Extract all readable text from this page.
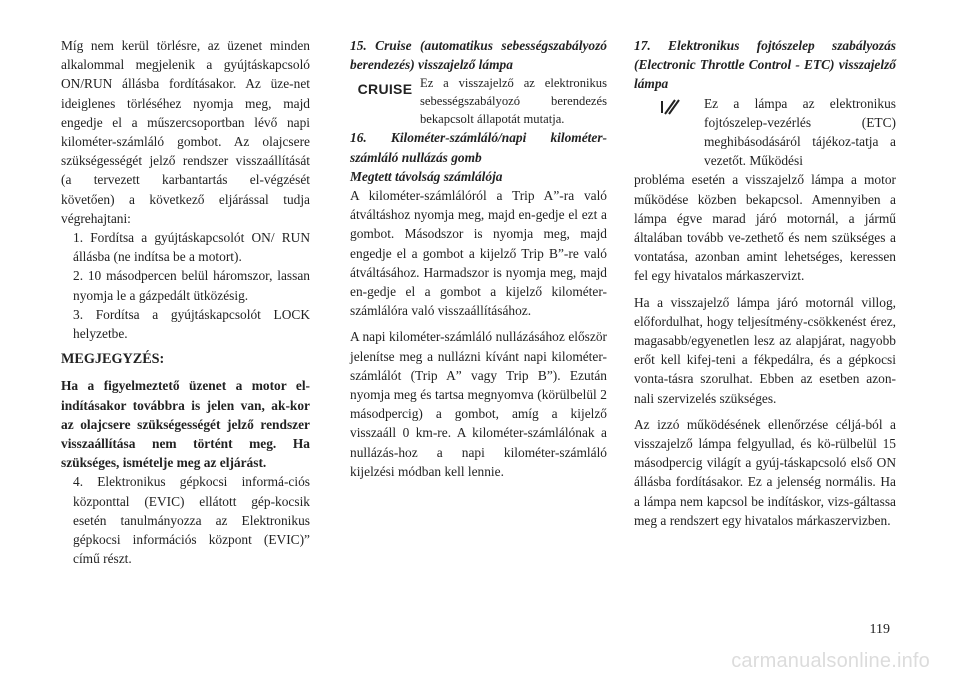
Míg nem kerül törlésre, az üzenet minden alkalommal megjelenik a gyújtáskapcsoló ON/RUN állásba fordításakor. Az üze-net ideiglenes törléséhez nyomja meg, majd engedje el a műszercsoportban lévő napi kilométer-számláló gombot. Az olajcsere szükségességét jelző rendszer visszaállítását (a tervezett karbantartás el-végzését követően) a következő eljárással tudja végrehajtani:

1. Fordítsa a gyújtáskapcsolót ON/ RUN állásba (ne indítsa be a motort).

2. 10 másodpercen belül háromszor, lassan nyomja le a gázpedált ütközésig.

3. Fordítsa a gyújtáskapcsolót LOCK helyzetbe.

MEGJEGYZÉS:

Ha a figyelmeztető üzenet a motor el-indításakor továbbra is jelen van, ak-kor az olajcsere szükségességét jelző rendszer visszaállítása nem történt meg. Ha szükséges, ismételje meg az eljárást.

4. Elektronikus gépkocsi informá-ciós központtal (EVIC) ellátott gép-kocsik esetén tanulmányozza az Elektronikus gépkocsi információs központ (EVIC)” című részt.

15. Cruise (automatikus sebességszabályozó berendezés) visszajelző lámpa

CRUISE Ez a visszajelző az elektronikus sebességszabályozó berendezés bekapcsolt állapotát mutatja.

16. Kilométer-számláló/napi kilométer-számláló nullázás gomb

Megtett távolság számlálója

A kilométer-számlálóról a Trip A”-ra való átváltáshoz nyomja meg, majd en-gedje el ezt a gombot. Másodszor is nyomja meg, majd engedje el a gombot a kijelző Trip B”-re való átváltásához. Harmadszor is nyomja meg, majd en-gedje el a gombot a kijelző kilométer-számlálóra való visszaállításához.

A napi kilométer-számláló nullázásához először jelenítse meg a nullázni kívánt napi kilométer-számlálót (Trip A” vagy Trip B”). Ezután nyomja meg és tartsa megnyomva (körülbelül 2 másodpercig) a gombot, amíg a kijelző visszaáll 0 km-re. A kilométer-számlálónak a nullázás-hoz a napi kilométer-számláló kijelzési módban kell lennie.

17. Elektronikus fojtószelep szabályozás (Electronic Throttle Control - ETC) visszajelző lámpa

Ez a lámpa az elektronikus fojtószelep-vezérlés (ETC) meghibásodásáról tájékoz-tatja a vezetőt. Működési

probléma esetén a visszajelző lámpa a motor működése közben bekapcsol. Amennyiben a lámpa égve marad járó motornál, a jármű általában tovább ve-zethető és nem szükséges a vontatása, azonban amint lehetséges, keressen fel egy hivatalos márkaszervizt.

Ha a visszajelző lámpa járó motornál villog, előfordulhat, hogy teljesítmény-csökkenést érez, magasabb/egyenetlen lesz az alapjárat, nagyobb erőt kell kifej-teni a fékpedálra, és a gépkocsi vonta-tásra szorulhat. Ebben az esetben azon-nali szervizelés szükséges.

Az izzó működésének ellenőrzése céljá-ból a visszajelző lámpa felgyullad, és kö-rülbelül 15 másodpercig világít a gyúj-táskapcsoló első ON állásba fordításakor. Ez a jelenség normális. Ha a lámpa nem kapcsol be indításkor, vizs-gáltassa meg a rendszert egy hivatalos márkaszervizben.

119
carmanualsonline.info
